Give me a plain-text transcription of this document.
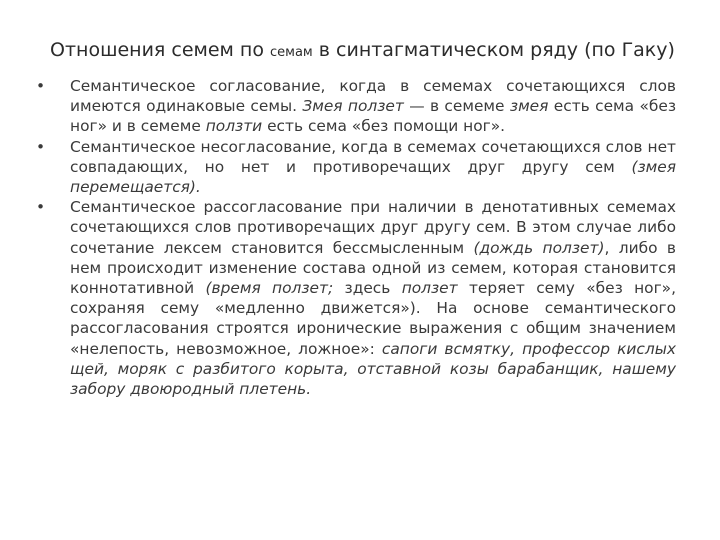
Отношения семем по семам в синтагматическом ряду (по Гаку)
•	Семантическое согласование, когда в семемах сочетающихся слов имеются одинаковые семы. Змея ползет — в семеме змея есть сема «без ног» и в семеме ползти есть сема «без помощи ног».

•	Семантическое несогласование, когда в семемах сочетающихся слов нет совпадающих, но нет и противоречащих друг другу сем (змея перемещается).

•	Семантическое рассогласование при наличии в денотативных семемах сочетающихся слов противоречащих друг другу сем. В этом случае либо сочетание лексем становится бессмысленным (дождь ползет), либо в нем происходит изменение состава одной из семем, которая становится коннотативной (время ползет; здесь ползет теряет сему «без ног», сохраняя сему «медленно движется»). На основе семантического рассогласования строятся иронические выражения с общим значением «нелепость, невозможное, ложное»: сапоги всмятку, профессор кислых щей, моряк с разбитого корыта, отставной козы барабанщик, нашему забору двоюродный плетень.
